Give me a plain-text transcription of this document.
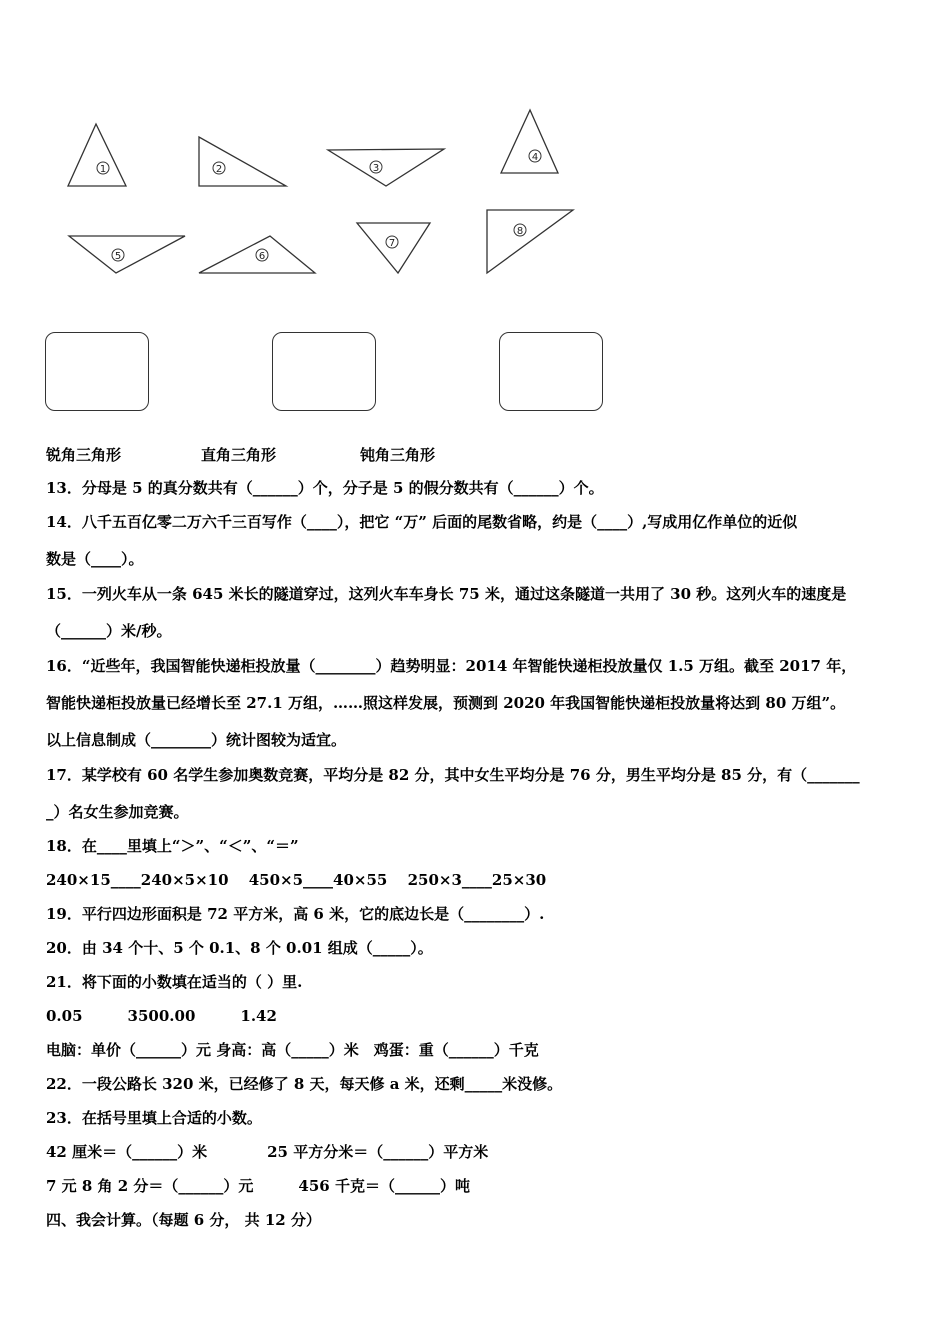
1	2	3
4
5	6
7
8
锐角三角形	直角三角形	钝角三角形
13．分母是 5 的真分数共有（______）个，分子是 5 的假分数共有（______）个。
14．八千五百亿零二万六千三百写作（____），把它 “万” 后面的尾数省略，约是（____）,写成用亿作单位的近似
数是（____）。
15．一列火车从一条 645 米长的隧道穿过，这列火车车身长 75 米，通过这条隧道一共用了 30 秒。这列火车的速度是
（______）米/秒。
16．“近些年，我国智能快递柜投放量（________）趋势明显：2014 年智能快递柜投放量仅 1.5 万组。截至 2017 年，
智能快递柜投放量已经增长至 27.1 万组，……照这样发展，预测到 2020 年我国智能快递柜投放量将达到 80 万组”。
以上信息制成（________）统计图较为适宜。
17．某学校有 60 名学生参加奥数竞赛，平均分是 82 分，其中女生平均分是 76 分，男生平均分是 85 分，有（_______
_）名女生参加竞赛。
18．在____里填上“＞”、“＜”、“＝”
240×15____240×5×10　 450×5____40×55　 250×3____25×30
19．平行四边形面积是 72 平方米，高 6 米，它的底边长是（________）.
20．由 34 个十、5 个 0.1、8 个 0.01 组成（_____）。
21．将下面的小数填在适当的（ ）里.
0.05　　　3500.00　　　1.42
电脑：单价（______）元 身高：高（_____）米　鸡蛋：重（______）千克
22．一段公路长 320 米，已经修了 8 天，每天修 a 米，还剩_____米没修。
23．在括号里填上合适的小数。
42 厘米＝（______）米　　　　25 平方分米＝（______）平方米
7 元 8 角 2 分＝（______）元　　　456 千克＝（______）吨
四、我会计算。（每题 6 分， 共 12 分）
